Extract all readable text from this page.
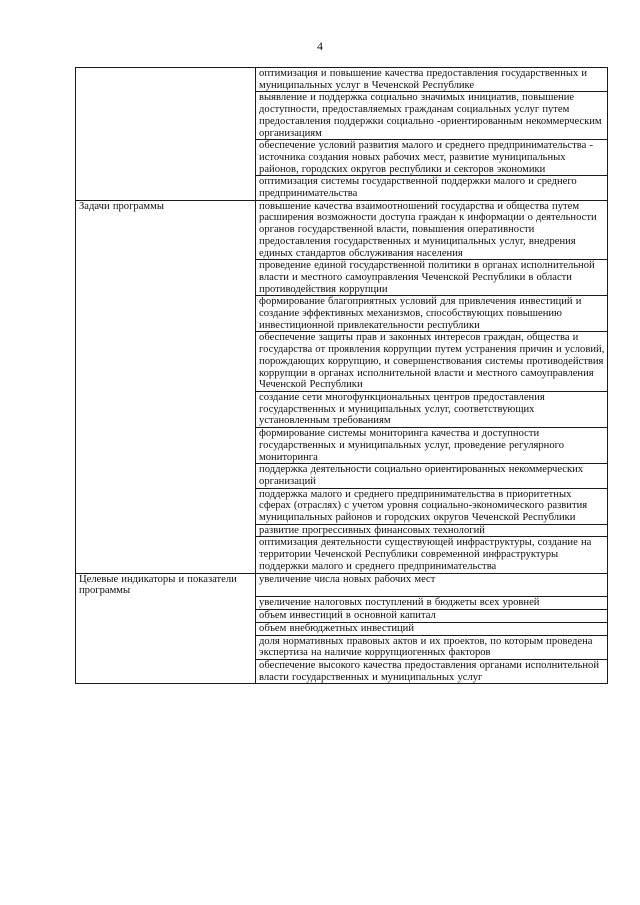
4
	оптимизация и повышение качества предоставления государственных и муниципальных услуг в Чеченской Республике
	выявление и поддержка социально значимых инициатив, повышение доступности, предоставляемых гражданам социальных услуг путем предоставления поддержки социально -ориентированным некоммерческим организациям
	обеспечение условий развития малого и среднего предпринимательства - источника создания новых рабочих мест, развитие муниципальных районов, городских округов республики и секторов экономики
	оптимизация системы государственной поддержки малого и среднего предпринимательства
Задачи программы	повышение качества взаимоотношений государства и общества путем расширения возможности доступа граждан к информации о деятельности органов государственной власти, повышения оперативности предоставления государственных и муниципальных услуг, внедрения единых стандартов обслуживания населения
	проведение единой государственной политики в органах исполнительной власти и местного самоуправления Чеченской Республики в области противодействия коррупции
	формирование благоприятных условий для привлечения инвестиций и создание эффективных механизмов, способствующих повышению инвестиционной привлекательности республики
	обеспечение защиты прав и законных интересов граждан, общества и государства от проявления коррупции путем устранения причин и условий, порождающих коррупцию, и совершенствования системы противодействия коррупции в органах исполнительной власти и местного самоуправления Чеченской Республики
	создание сети многофункциональных центров предоставления государственных и муниципальных услуг, соответствующих установленным требованиям
	формирование системы мониторинга качества и доступности государственных и муниципальных услуг, проведение регулярного мониторинга
	поддержка деятельности социально ориентированных некоммерческих организаций
	поддержка малого и среднего предпринимательства в приоритетных сферах (отраслях) с учетом уровня социально-экономического развития муниципальных районов и городских округов Чеченской Республики
	развитие прогрессивных финансовых технологий
	оптимизация деятельности существующей инфраструктуры, создание на территории Чеченской Республики современной инфраструктуры поддержки малого и среднего предпринимательства
Целевые индикаторы и показатели программы	увеличение числа новых рабочих мест
	увеличение налоговых поступлений в бюджеты всех уровней
	объем инвестиций в основной капитал
	объем внебюджетных инвестиций
	доля нормативных правовых актов и их проектов, по которым проведена экспертиза на наличие коррупциогенных факторов
	обеспечение высокого качества предоставления органами исполнительной власти государственных и муниципальных услуг
